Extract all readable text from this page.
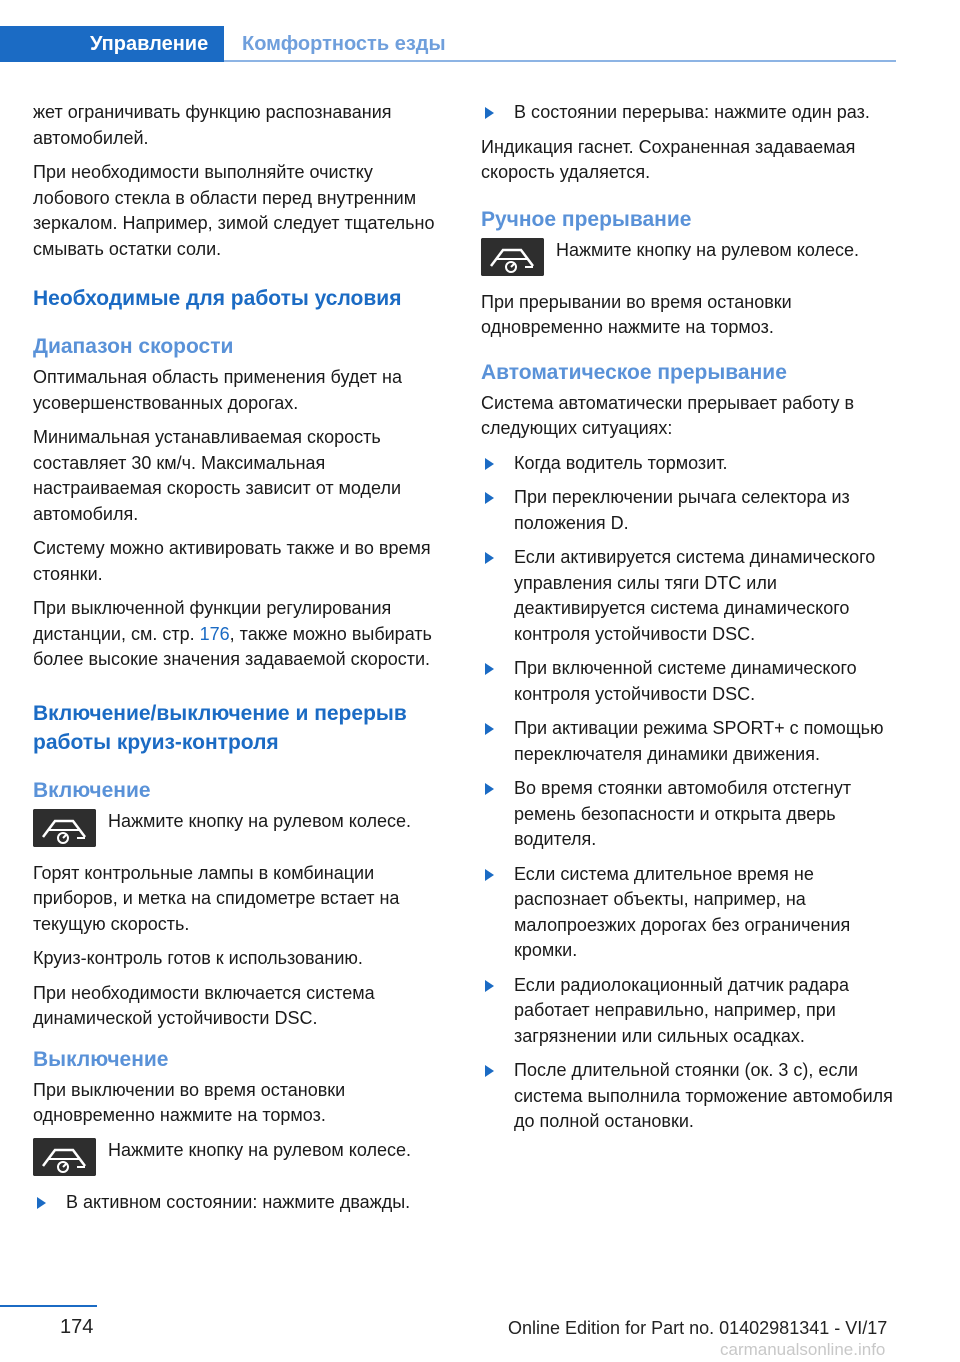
Управление	Комфортность езды

жет ограничивать функцию распознавания автомобилей.

При необходимости выполняйте очистку лобового стекла в области перед внутренним зеркалом. Например, зимой следует тщательно смывать остатки соли.

Необходимые для работы условия
Диапазон скорости

Оптимальная область применения будет на усовершенствованных дорогах.

Минимальная устанавливаемая скорость составляет 30 км/ч. Максимальная настраиваемая скорость зависит от модели автомобиля.

Систему можно активировать также и во время стоянки.

При выключенной функции регулирования дистанции, см. стр. 176, также можно выбирать более высокие значения задаваемой скорости.

Включение/выключение и перерыв работы круиз-контроля
Включение

Нажмите кнопку на рулевом колесе.

Горят контрольные лампы в комбинации приборов, и метка на спидометре встает на текущую скорость.

Круиз-контроль готов к использованию.

При необходимости включается система динамической устойчивости DSC.

Выключение

При выключении во время остановки одновременно нажмите на тормоз.

Нажмите кнопку на рулевом колесе.

В активном состоянии: нажмите дважды.
В состоянии перерыва: нажмите один раз.

Индикация гаснет. Сохраненная задаваемая скорость удаляется.

Ручное прерывание

Нажмите кнопку на рулевом колесе.

При прерывании во время остановки одновременно нажмите на тормоз.

Автоматическое прерывание

Система автоматически прерывает работу в следующих ситуациях:

Когда водитель тормозит.
При переключении рычага селектора из положения D.
Если активируется система динамического управления силы тяги DTC или деактивируется система динамического контроля устойчивости DSC.
При включенной системе динамического контроля устойчивости DSC.
При активации режима SPORT+ с помощью переключателя динамики движения.
Во время стоянки автомобиля отстегнут ремень безопасности и открыта дверь водителя.
Если система длительное время не распознает объекты, например, на малопроезжих дорогах без ограничения кромки.
Если радиолокационный датчик радара работает неправильно, например, при загрязнении или сильных осадках.
После длительной стоянки (ок. 3 с), если система выполнила торможение автомобиля до полной остановки.
174	Online Edition for Part no. 01402981341 - VI/17
carmanualsonline.info
